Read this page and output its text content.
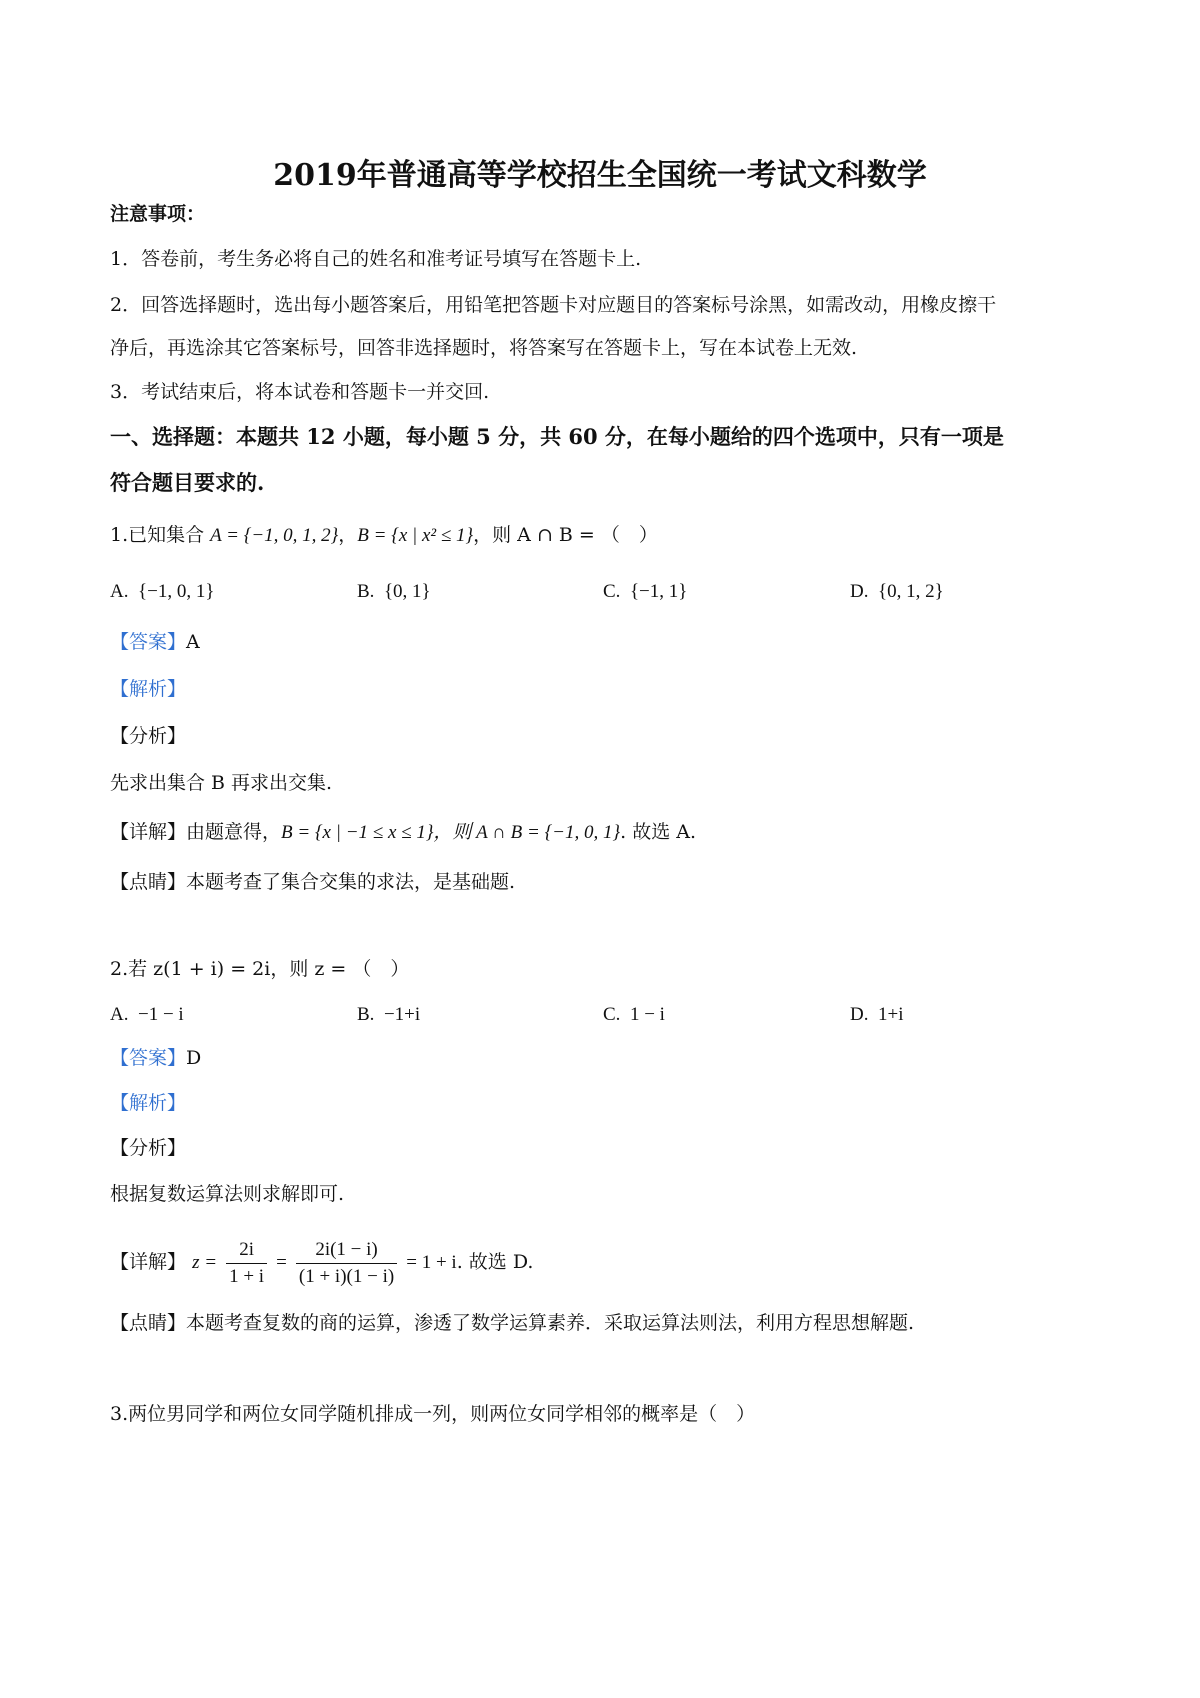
2019年普通高等学校招生全国统一考试文科数学
注意事项：
1．答卷前，考生务必将自己的姓名和准考证号填写在答题卡上.
2．回答选择题时，选出每小题答案后，用铅笔把答题卡对应题目的答案标号涂黑，如需改动，用橡皮擦干
净后，再选涂其它答案标号，回答非选择题时，将答案写在答题卡上，写在本试卷上无效.
3．考试结束后，将本试卷和答题卡一并交回.
一、选择题：本题共 12 小题，每小题 5 分，共 60 分，在每小题给的四个选项中，只有一项是
符合题目要求的.
1.已知集合 A = {−1, 0, 1, 2}，B = {x | x² ≤ 1}，则 A ∩ B = （　）
A. {−1, 0, 1}	B. {0, 1}	C. {−1, 1}	D. {0, 1, 2}
【答案】A
【解析】
【分析】
先求出集合 B 再求出交集.
【详解】由题意得，B = {x | −1 ≤ x ≤ 1}，则 A ∩ B = {−1, 0, 1}. 故选 A.
【点睛】本题考查了集合交集的求法，是基础题.
2.若 z(1 + i) = 2i，则 z = （　）
A. −1 − i	B. −1+i	C. 1 − i	D. 1+i
【答案】D
【解析】
【分析】
根据复数运算法则求解即可.
【详解】 $z = \frac{2i}{1 + i} = \frac{2i(1 - i)}{(1 + i)(1 - i)} = 1 + i$. 故选 D.
【点睛】本题考查复数的商的运算，渗透了数学运算素养．采取运算法则法，利用方程思想解题.
3.两位男同学和两位女同学随机排成一列，则两位女同学相邻的概率是（　）
